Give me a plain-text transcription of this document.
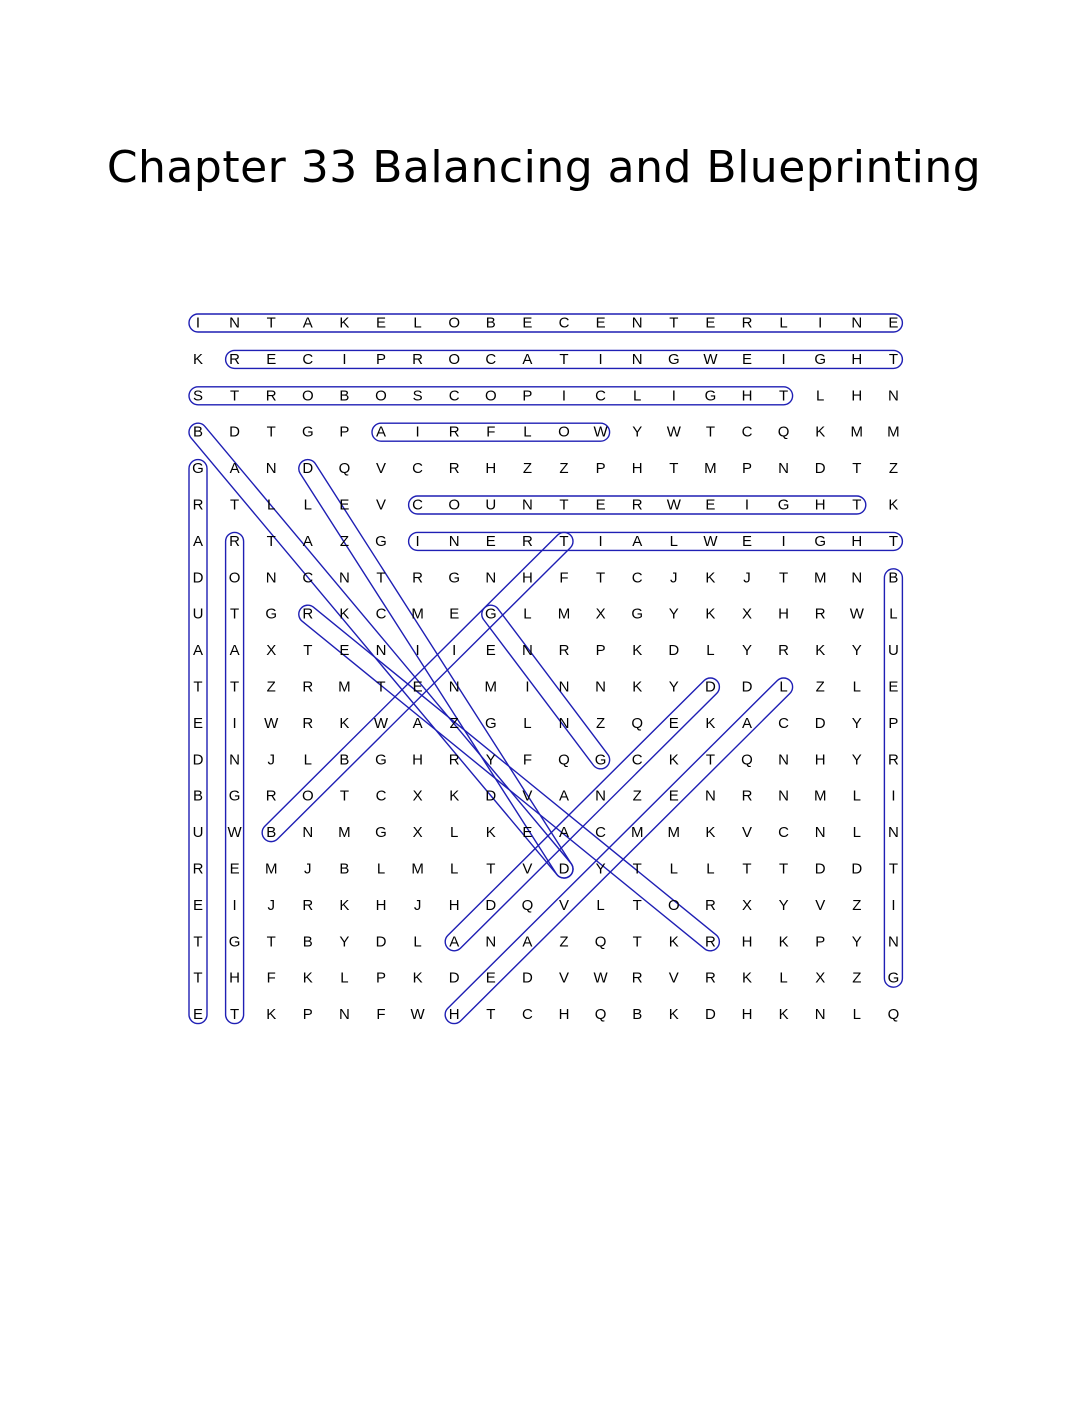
Chapter 33 Balancing and Blueprinting
I N T A K E L O B E C E N T E R L I N E
K R E C I P R O C A T I N G W E I G H T
S T R O B O S C O P I C L I G H T L H N
B D T G P A I R F L O W Y W T C Q K M M
G A N D Q V C R H Z Z P H T M P N D T Z
R T L L E V C O U N T E R W E I G H T K
A R T A Z G I N E R T I A L W E I G H T
D O N C N T R G N H F T C J K J T M N B
U T G R K C M E G L M X G Y K X H R W L
A A X T E N I I E N R P K D L Y R K Y U
T T Z R M T E N M I N N K Y D D L Z L E
E I W R K W A Z G L N Z Q E K A C D Y P
D N J L B G H R Y F Q G C K T Q N H Y R
B G R O T C X K D V A N Z E N R N M L I
U W B N M G X L K E A C M M K V C N L N
R E M J B L M L T V D Y T L L T T D D T
E I J R K H J H D Q V L T O R X Y V Z I
T G T B Y D L A N A Z Q T K R H K P Y N
T H F K L P K D E D V W R V R K L X Z G
E T K P N F W H T C H Q B K D H K N L Q
